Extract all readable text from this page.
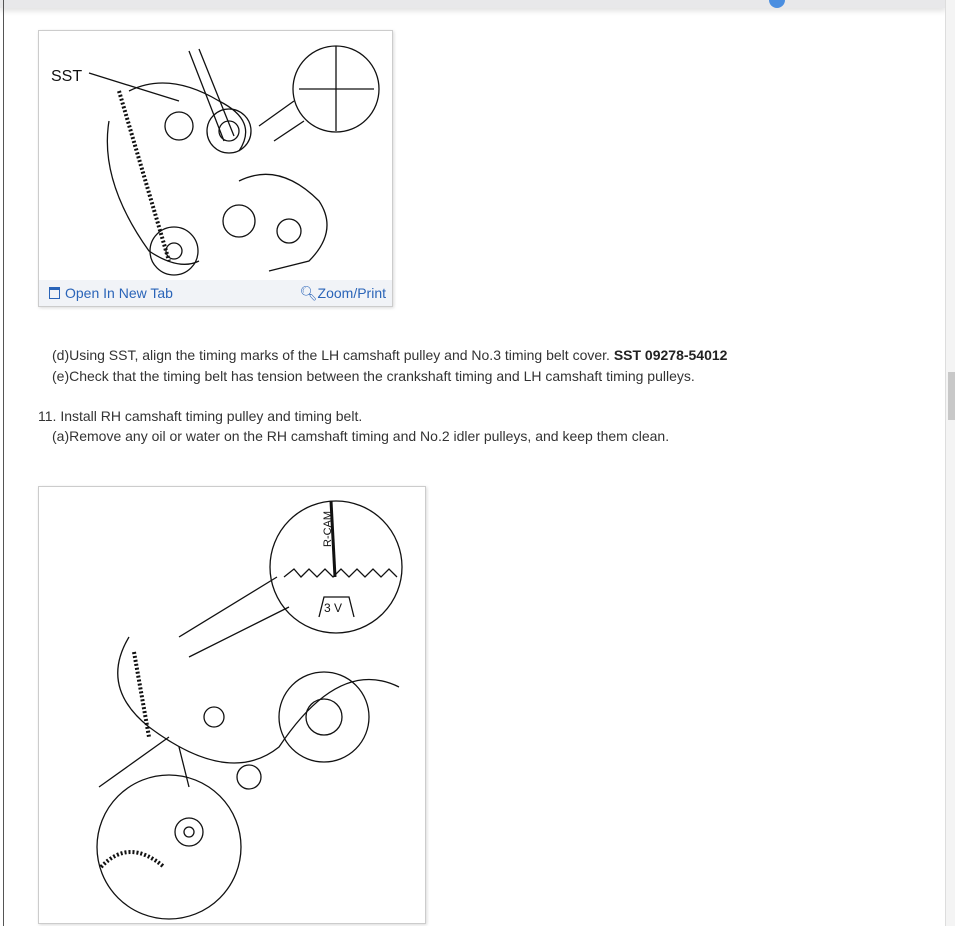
SST
Open In New Tab	🔍︎Zoom/Print
(d)Using SST, align the timing marks of the LH camshaft pulley and No.3 timing belt cover. SST 09278-54012
(e)Check that the timing belt has tension between the crankshaft timing and LH camshaft timing pulleys.
11. Install RH camshaft timing pulley and timing belt.
(a)Remove any oil or water on the RH camshaft timing and No.2 idler pulleys, and keep them clean.
R-CAM
3 V
